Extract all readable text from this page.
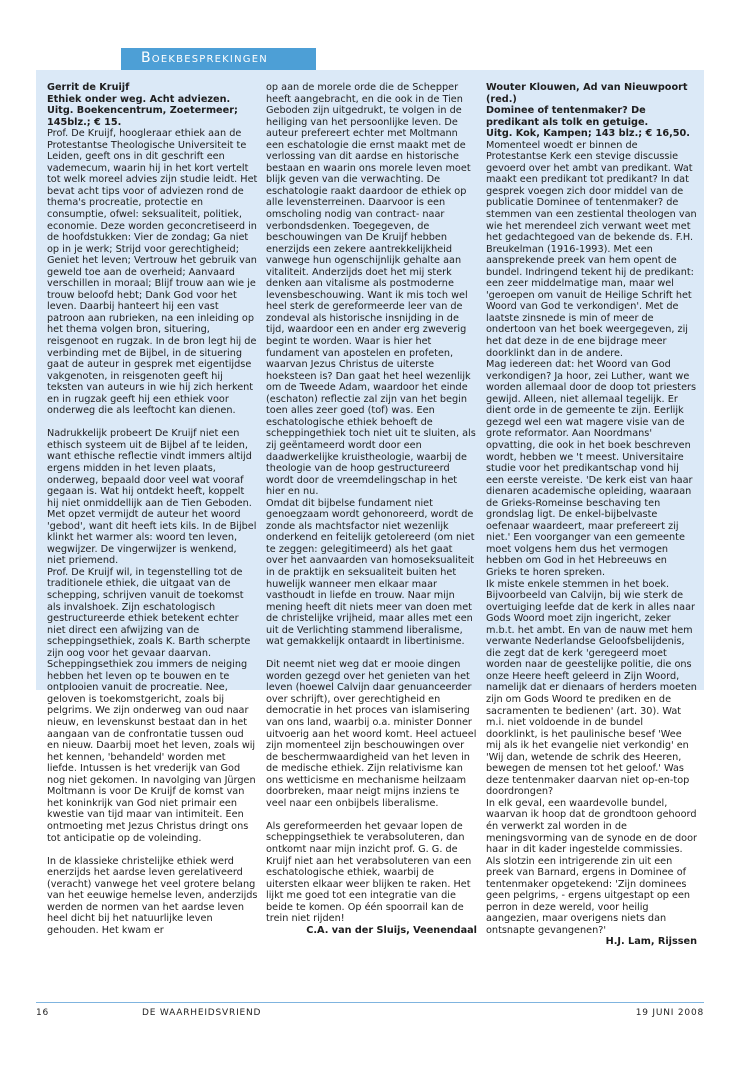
Boekbesprekingen

Gerrit de Kruijf

Ethiek onder weg. Acht adviezen.

Uitg. Boekencentrum, Zoetermeer; 145blz.; € 15.

Prof. De Kruijf, hoogleraar ethiek aan de Protestantse Theologische Universiteit te Leiden, geeft ons in dit geschrift een vademecum, waarin hij in het kort vertelt tot welk moreel advies zijn studie leidt. Het bevat acht tips voor of adviezen rond de thema's procreatie, protectie en consumptie, ofwel: seksualiteit, politiek, economie. Deze worden geconcretiseerd in de hoofdstukken: Vier de zondag; Ga niet op in je werk; Strijd voor gerechtigheid; Geniet het leven; Vertrouw het gebruik van geweld toe aan de overheid; Aanvaard verschillen in moraal; Blijf trouw aan wie je trouw beloofd hebt; Dank God voor het leven. Daarbij hanteert hij een vast patroon aan rubrieken, na een inleiding op het thema volgen bron, situering, reisgenoot en rugzak. In de bron legt hij de verbinding met de Bijbel, in de situering gaat de auteur in gesprek met eigentijdse vakgenoten, in reisgenoten geeft hij teksten van auteurs in wie hij zich herkent en in rugzak geeft hij een ethiek voor onderweg die als leeftocht kan dienen.

Nadrukkelijk probeert De Kruijf niet een ethisch systeem uit de Bijbel af te leiden, want ethische reflectie vindt immers altijd ergens midden in het leven plaats, onderweg, bepaald door veel wat vooraf gegaan is. Wat hij ontdekt heeft, koppelt hij niet onmiddellijk aan de Tien Geboden. Met opzet vermijdt de auteur het woord 'gebod', want dit heeft iets kils. In de Bijbel klinkt het warmer als: woord ten leven, wegwijzer. De vingerwijzer is wenkend, niet priemend.

Prof. De Kruijf wil, in tegenstelling tot de traditionele ethiek, die uitgaat van de schepping, schrijven vanuit de toekomst als invalshoek. Zijn eschatologisch gestructureerde ethiek betekent echter niet direct een afwijzing van de scheppingsethiek, zoals K. Barth scherpte zijn oog voor het gevaar daarvan. Scheppingsethiek zou immers de neiging hebben het leven op te bouwen en te ontplooien vanuit de procreatie. Nee, geloven is toekomstgericht, zoals bij pelgrims. We zijn onderweg van oud naar nieuw, en levenskunst bestaat dan in het aangaan van de confrontatie tussen oud en nieuw. Daarbij moet het leven, zoals wij het kennen, 'behandeld' worden met liefde. Intussen is het vrederijk van God nog niet gekomen. In navolging van Jürgen Moltmann is voor De Kruijf de komst van het koninkrijk van God niet primair een kwestie van tijd maar van intimiteit. Een ontmoeting met Jezus Christus dringt ons tot anticipatie op de voleinding.

In de klassieke christelijke ethiek werd enerzijds het aardse leven gerelativeerd (veracht) vanwege het veel grotere belang van het eeuwige hemelse leven, anderzijds werden de normen van het aardse leven heel dicht bij het natuurlijke leven gehouden. Het kwam er

op aan de morele orde die de Schepper heeft aangebracht, en die ook in de Tien Geboden zijn uitgedrukt, te volgen in de heiliging van het persoonlijke leven. De auteur prefereert echter met Moltmann een eschatologie die ernst maakt met de verlossing van dit aardse en historische bestaan en waarin ons morele leven moet blijk geven van die verwachting. De eschatologie raakt daardoor de ethiek op alle levensterreinen. Daarvoor is een omscholing nodig van contract- naar verbondsdenken. Toegegeven, de beschouwingen van De Kruijf hebben enerzijds een zekere aantrekkelijkheid vanwege hun ogenschijnlijk gehalte aan vitaliteit. Anderzijds doet het mij sterk denken aan vitalisme als postmoderne levensbeschouwing. Want ik mis toch wel heel sterk de gereformeerde leer van de zondeval als historische insnijding in de tijd, waardoor een en ander erg zweverig begint te worden. Waar is hier het fundament van apostelen en profeten, waarvan Jezus Christus de uiterste hoeksteen is? Dan gaat het heel wezenlijk om de Tweede Adam, waardoor het einde (eschaton) reflectie zal zijn van het begin toen alles zeer goed (tof) was. Een eschatologische ethiek behoeft de scheppingethiek toch niet uit te sluiten, als zij geëntameerd wordt door een daadwerkelijke kruistheologie, waarbij de theologie van de hoop gestructureerd wordt door de vreemdelingschap in het hier en nu.

Omdat dit bijbelse fundament niet genoegzaam wordt gehonoreerd, wordt de zonde als machtsfactor niet wezenlijk onderkend en feitelijk getolereerd (om niet te zeggen: gelegitimeerd) als het gaat over het aanvaarden van homoseksualiteit in de praktijk en seksualiteit buiten het huwelijk wanneer men elkaar maar vasthoudt in liefde en trouw. Naar mijn mening heeft dit niets meer van doen met de christelijke vrijheid, maar alles met een uit de Verlichting stammend liberalisme, wat gemakkelijk ontaardt in libertinisme.

Dit neemt niet weg dat er mooie dingen worden gezegd over het genieten van het leven (hoewel Calvijn daar genuanceerder over schrijft), over gerechtigheid en democratie in het proces van islamisering van ons land, waarbij o.a. minister Donner uitvoerig aan het woord komt. Heel actueel zijn momenteel zijn beschouwingen over de beschermwaardigheid van het leven in de medische ethiek. Zijn relativisme kan ons wetticisme en mechanisme heilzaam doorbreken, maar neigt mijns inziens te veel naar een onbijbels liberalisme.

Als gereformeerden het gevaar lopen de scheppingsethiek te verabsoluteren, dan ontkomt naar mijn inzicht prof. G. G. de Kruijf niet aan het verabsoluteren van een eschatologische ethiek, waarbij de uitersten elkaar weer blijken te raken. Het lijkt me goed tot een integratie van die beide te komen. Op één spoorrail kan de trein niet rijden!

C.A. van der Sluijs, Veenendaal

Wouter Klouwen, Ad van Nieuwpoort (red.)

Dominee of tentenmaker? De predikant als tolk en getuige.

Uitg. Kok, Kampen; 143 blz.; € 16,50.

Momenteel woedt er binnen de Protestantse Kerk een stevige discussie gevoerd over het ambt van predikant. Wat maakt een predikant tot predikant? In dat gesprek voegen zich door middel van de publicatie Dominee of tentenmaker? de stemmen van een zestiental theologen van wie het merendeel zich verwant weet met het gedachtegoed van de bekende ds. F.H. Breukelman (1916-1993). Met een aansprekende preek van hem opent de bundel. Indringend tekent hij de predikant: een zeer middelmatige man, maar wel 'geroepen om vanuit de Heilige Schrift het Woord van God te verkondigen'. Met de laatste zinsnede is min of meer de ondertoon van het boek weergegeven, zij het dat deze in de ene bijdrage meer doorklinkt dan in de andere.

Mag iedereen dat: het Woord van God verkondigen? Ja hoor, zei Luther, want we worden allemaal door de doop tot priesters gewijd. Alleen, niet allemaal tegelijk. Er dient orde in de gemeente te zijn. Eerlijk gezegd wel een wat magere visie van de grote reformator. Aan Noordmans' opvatting, die ook in het boek beschreven wordt, hebben we 't meest. Universitaire studie voor het predikantschap vond hij een eerste vereiste. 'De kerk eist van haar dienaren academische opleiding, waaraan de Grieks-Romeinse beschaving ten grondslag ligt. De enkel-bijbelvaste oefenaar waardeert, maar prefereert zij niet.' Een voorganger van een gemeente moet volgens hem dus het vermogen hebben om God in het Hebreeuws en Grieks te horen spreken.

Ik miste enkele stemmen in het boek. Bijvoorbeeld van Calvijn, bij wie sterk de overtuiging leefde dat de kerk in alles naar Gods Woord moet zijn ingericht, zeker m.b.t. het ambt. En van de nauw met hem verwante Nederlandse Geloofsbelijdenis, die zegt dat de kerk 'geregeerd moet worden naar de geestelijke politie, die ons onze Heere heeft geleerd in Zijn Woord, namelijk dat er dienaars of herders moeten zijn om Gods Woord te prediken en de sacramenten te bedienen' (art. 30). Wat m.i. niet voldoende in de bundel doorklinkt, is het paulinische besef 'Wee mij als ik het evangelie niet verkondig' en 'Wij dan, wetende de schrik des Heeren, bewegen de mensen tot het geloof.' Was deze tentenmaker daarvan niet op-en-top doordrongen?

In elk geval, een waardevolle bundel, waarvan ik hoop dat de grondtoon gehoord én verwerkt zal worden in de meningsvorming van de synode en de door haar in dit kader ingestelde commissies.

Als slotzin een intrigerende zin uit een preek van Barnard, ergens in Dominee of tentenmaker opgetekend: 'Zijn dominees geen pelgrims, - ergens uitgestapt op een perron in deze wereld, voor heilig aangezien, maar overigens niets dan ontsnapte gevangenen?'

H.J. Lam, Rijssen

16	DE WAARHEIDSVRIEND	19 JUNI 2008
